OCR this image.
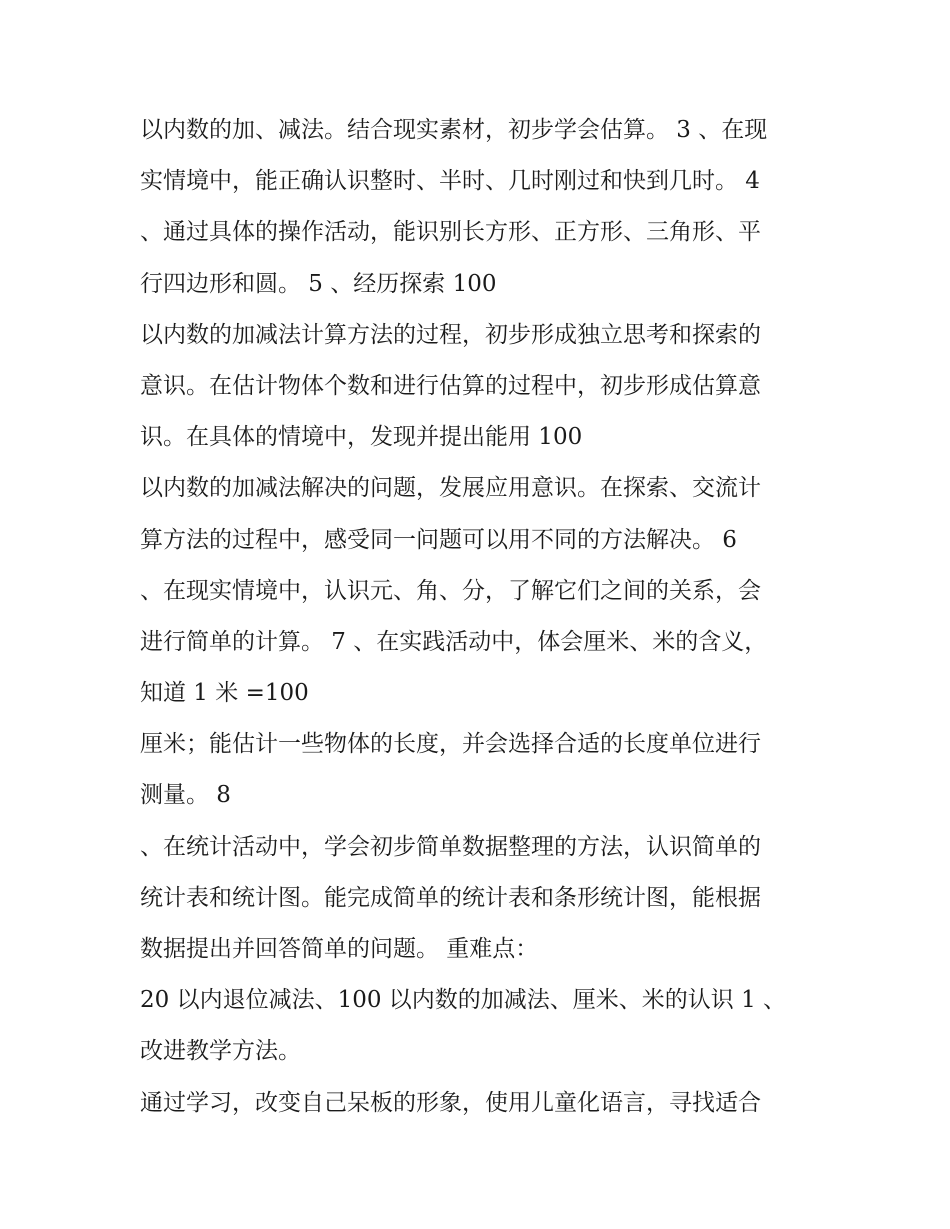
以内数的加、减法。结合现实素材，初步学会估算。 3 、在现
实情境中，能正确认识整时、半时、几时刚过和快到几时。 4
、通过具体的操作活动，能识别长方形、正方形、三角形、平
行四边形和圆。 5 、经历探索 100
以内数的加减法计算方法的过程，初步形成独立思考和探索的
意识。在估计物体个数和进行估算的过程中，初步形成估算意
识。在具体的情境中，发现并提出能用 100
以内数的加减法解决的问题，发展应用意识。在探索、交流计
算方法的过程中，感受同一问题可以用不同的方法解决。 6
、在现实情境中，认识元、角、分，了解它们之间的关系，会
进行简单的计算。 7 、在实践活动中，体会厘米、米的含义，
知道 1 米 =100
厘米；能估计一些物体的长度，并会选择合适的长度单位进行
测量。 8
、在统计活动中，学会初步简单数据整理的方法，认识简单的
统计表和统计图。能完成简单的统计表和条形统计图，能根据
数据提出并回答简单的问题。 重难点：
20 以内退位减法、100 以内数的加减法、厘米、米的认识 1 、
改进教学方法。
通过学习，改变自己呆板的形象，使用儿童化语言，寻找适合
